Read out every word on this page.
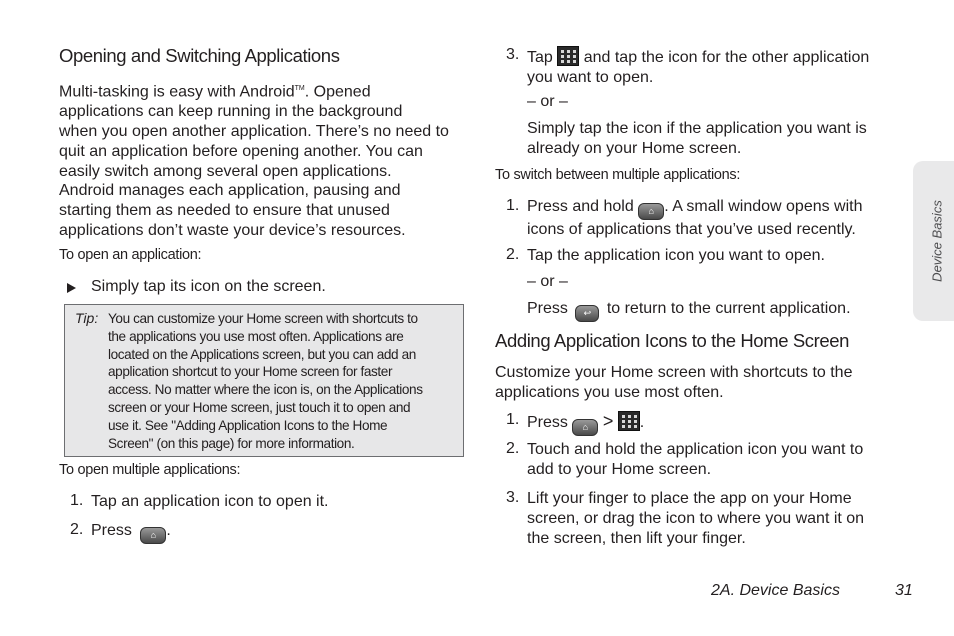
Opening and Switching Applications
Multi-tasking is easy with Android™. Opened
applications can keep running in the background
when you open another application. There’s no need to
quit an application before opening another. You can
easily switch among several open applications.
Android manages each application, pausing and
starting them as needed to ensure that unused
applications don’t waste your device’s resources.
To open an application:
Simply tap its icon on the screen.
Tip: You can customize your Home screen with shortcuts to
the applications you use most often. Applications are
located on the Applications screen, but you can add an
application shortcut to your Home screen for faster
access. No matter where the icon is, on the Applications
screen or your Home screen, just touch it to open and
use it. See "Adding Application Icons to the Home
Screen" (on this page) for more information.
To open multiple applications:
1. Tap an application icon to open it.
2. Press ⌂ .
3. Tap and tap the icon for the other application
you want to open.
– or –
Simply tap the icon if the application you want is
already on your Home screen.
To switch between multiple applications:
1. Press and hold ⌂ . A small window opens with
icons of applications that you’ve used recently.
2. Tap the application icon you want to open.
– or –
Press ↩ to return to the current application.
Adding Application Icons to the Home Screen
Customize your Home screen with shortcuts to the
applications you use most often.
1. Press ⌂ > .
2. Touch and hold the application icon you want to
add to your Home screen.
3. Lift your finger to place the app on your Home
screen, or drag the icon to where you want it on
the screen, then lift your finger.
Device Basics
2A. Device Basics	31
